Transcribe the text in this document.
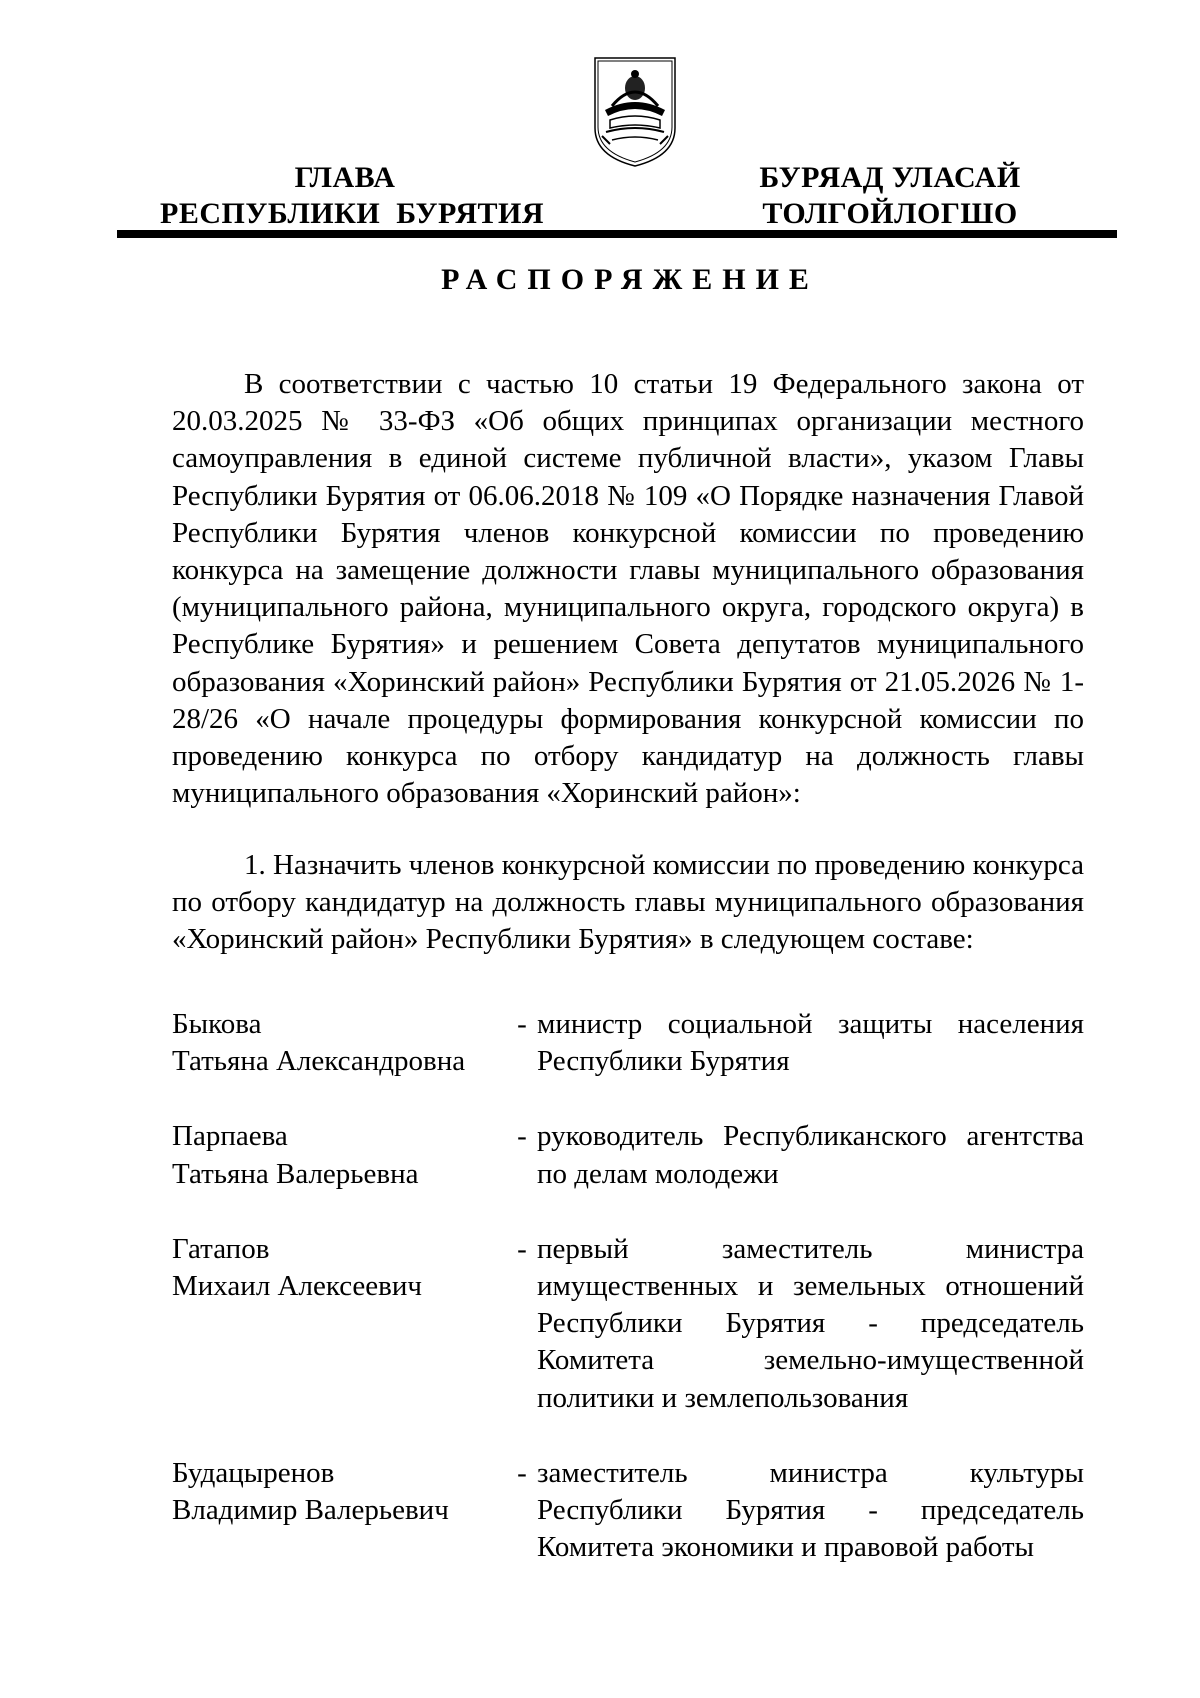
ГЛАВА
РЕСПУБЛИКИ  БУРЯТИЯ
БУРЯАД УЛАСАЙ
ТОЛГОЙЛОГШО
РАСПОРЯЖЕНИЕ
В соответствии с частью 10 статьи 19 Федерального закона от 20.03.2025 № 33-ФЗ «Об общих принципах организации местного самоуправления в единой системе публичной власти», указом Главы Республики Бурятия от 06.06.2018 № 109 «О Порядке назначения Главой Республики Бурятия членов конкурсной комиссии по проведению конкурса на замещение должности главы муниципального образования (муниципального района, муниципального округа, городского округа) в Республике Бурятия» и решением Совета депутатов муниципального образования «Хоринский район» Республики Бурятия от 21.05.2026 № 1-28/26 «О начале процедуры формирования конкурсной комиссии по проведению конкурса по отбору кандидатур на должность главы муниципального образования «Хоринский район»:
1. Назначить членов конкурсной комиссии по проведению конкурса по отбору кандидатур на должность главы муниципального образования «Хоринский район» Республики Бурятия» в следующем составе:
Быкова
Татьяна Александровна
- министр социальной защиты населения Республики Бурятия
Парпаева
Татьяна Валерьевна
- руководитель Республиканского агентства по делам молодежи
Гатапов
Михаил Алексеевич
- первый заместитель министра имущественных и земельных отношений Республики Бурятия - председатель Комитета земельно-имущественной политики и землепользования
Будацыренов
Владимир Валерьевич
- заместитель министра культуры Республики Бурятия - председатель Комитета экономики и правовой работы
